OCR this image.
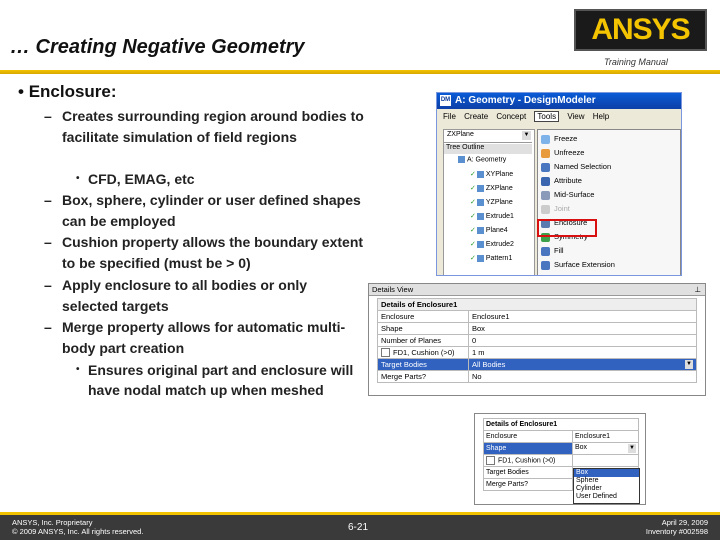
… Creating Negative Geometry
ANSYS
Training Manual
• Enclosure:
– Creates surrounding region around bodies to facilitate simulation of field regions
• CFD, EMAG, etc
– Box, sphere, cylinder or user defined shapes can be employed
– Cushion property allows the boundary extent to be specified (must be > 0)
– Apply enclosure to all bodies or only selected targets
– Merge property allows for automatic multi-body part creation
• Ensures original part and enclosure will have nodal match up when meshed
DM A: Geometry - DesignModeler
File Create Concept Tools View Help
ZXPlane	▼
Tree Outline
A: Geometry
✓ XYPlane
✓ ZXPlane
✓ YZPlane
✓ Extrude1
✓ Plane4
✓ Extrude2
✓ Pattern1
Freeze
Unfreeze
Named Selection
Attribute
Mid-Surface
Joint
Enclosure
Symmetry
Fill
Surface Extension
Details View	⊥
Details of Enclosure1	
Enclosure	Enclosure1
Shape	Box
Number of Planes	0
FD1, Cushion (>0)	1 m
Target Bodies	All Bodies ▼

Merge Parts?	No
Details of Enclosure1	
Enclosure	Enclosure1
Shape	Box ▼

FD1, Cushion (>0)	
Target Bodies	
Merge Parts?	
Box
Sphere
Cylinder
User Defined
ANSYS, Inc. Proprietary
© 2009 ANSYS, Inc. All rights reserved.	6-21	April 29, 2009
Inventory #002598
